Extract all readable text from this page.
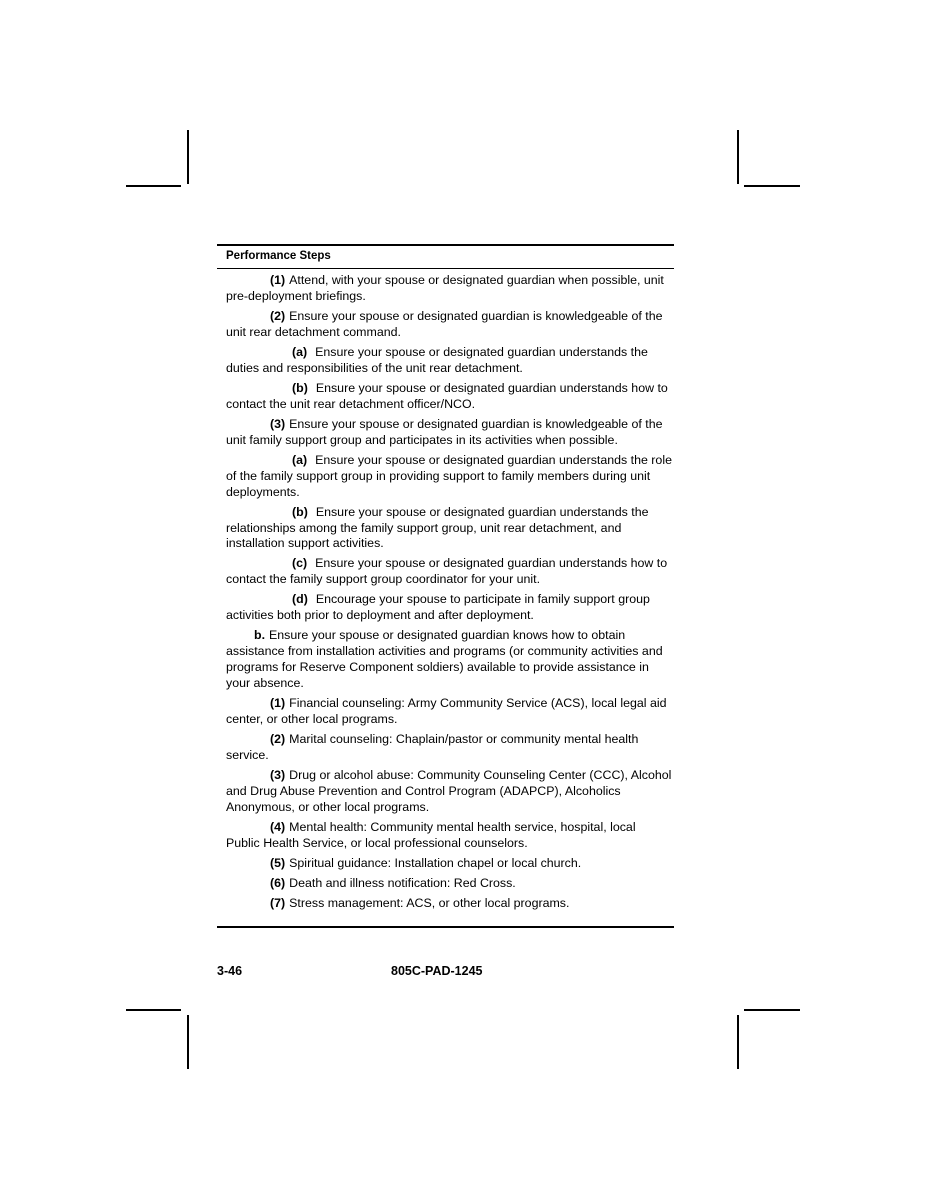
Performance Steps

(1) Attend, with your spouse or designated guardian when possible, unit pre-deployment briefings.

(2) Ensure your spouse or designated guardian is knowledgeable of the unit rear detachment command.

(a) Ensure your spouse or designated guardian understands the duties and responsibilities of the unit rear detachment.

(b) Ensure your spouse or designated guardian understands how to contact the unit rear detachment officer/NCO.

(3) Ensure your spouse or designated guardian is knowledgeable of the unit family support group and participates in its activities when possible.

(a) Ensure your spouse or designated guardian understands the role of the family support group in providing support to family members during unit deployments.

(b) Ensure your spouse or designated guardian understands the relationships among the family support group, unit rear detachment, and installation support activities.

(c) Ensure your spouse or designated guardian understands how to contact the family support group coordinator for your unit.

(d) Encourage your spouse to participate in family support group activities both prior to deployment and after deployment.

b. Ensure your spouse or designated guardian knows how to obtain assistance from installation activities and programs (or community activities and programs for Reserve Component soldiers) available to provide assistance in your absence.

(1) Financial counseling: Army Community Service (ACS), local legal aid center, or other local programs.

(2) Marital counseling: Chaplain/pastor or community mental health service.

(3) Drug or alcohol abuse: Community Counseling Center (CCC), Alcohol and Drug Abuse Prevention and Control Program (ADAPCP), Alcoholics Anonymous, or other local programs.

(4) Mental health: Community mental health service, hospital, local Public Health Service, or local professional counselors.

(5) Spiritual guidance: Installation chapel or local church.

(6) Death and illness notification: Red Cross.

(7) Stress management: ACS, or other local programs.

3-46	805C-PAD-1245
